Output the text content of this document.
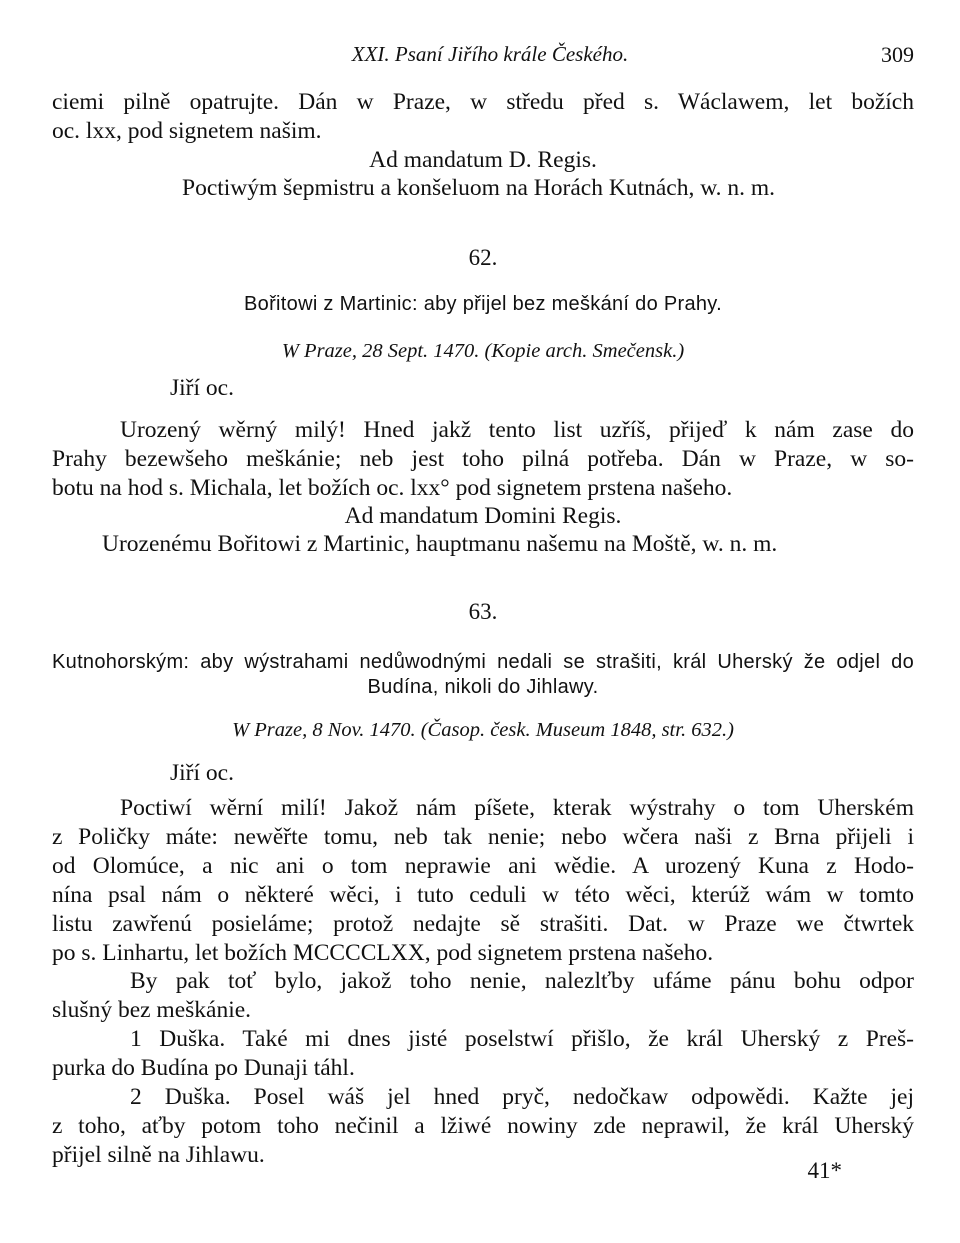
XXI. Psaní Jiřího krále Českého.	309
ciemi pilně opatrujte. Dán w Praze, w středu před s. Wáclawem, let božích
oc. lxx, pod signetem našim.
Ad mandatum D. Regis.
Poctiwým šepmistru a konšeluom na Horách Kutnách, w. n. m.
62.
Bořitowi z Martinic: aby přijel bez meškání do Prahy.
W Praze, 28 Sept. 1470. (Kopie arch. Smečensk.)
Jiří oc.
Urozený wěrný milý! Hned jakž tento list uzříš, přijeď k nám zase do
Prahy bezewšeho meškánie; neb jest toho pilná potřeba. Dán w Praze, w so-
botu na hod s. Michala, let božích oc. lxx° pod signetem prstena našeho.
Ad mandatum Domini Regis.
Urozenému Bořitowi z Martinic, hauptmanu našemu na Moště, w. n. m.
63.
Kutnohorským: aby wýstrahami nedůwodnými nedali se strašiti, král Uherský že odjel do
Budína, nikoli do Jihlawy.
W Praze, 8 Nov. 1470. (Časop. česk. Museum 1848, str. 632.)
Jiří oc.
Poctiwí wěrní milí! Jakož nám píšete, kterak wýstrahy o tom Uherském
z Poličky máte: newěřte tomu, neb tak nenie; nebo wčera naši z Brna přijeli i
od Olomúce, a nic ani o tom neprawie ani wědie. A urozený Kuna z Hodo-
nína psal nám o některé wěci, i tuto ceduli w této wěci, kterúž wám w tomto
listu zawřenú posieláme; protož nedajte sě strašiti. Dat. w Praze we čtwrtek
po s. Linhartu, let božích MCCCCLXX, pod signetem prstena našeho.
By pak toť bylo, jakož toho nenie, nalezlťby ufáme pánu bohu odpor
slušný bez meškánie.
1 Duška. Také mi dnes jisté poselstwí přišlo, že král Uherský z Preš-
purka do Budína po Dunaji táhl.
2 Duška. Posel wáš jel hned pryč, nedočkaw odpowědi. Kažte jej
z toho, aťby potom toho nečinil a lžiwé nowiny zde neprawil, že král Uherský
přijel silně na Jihlawu.
41*
